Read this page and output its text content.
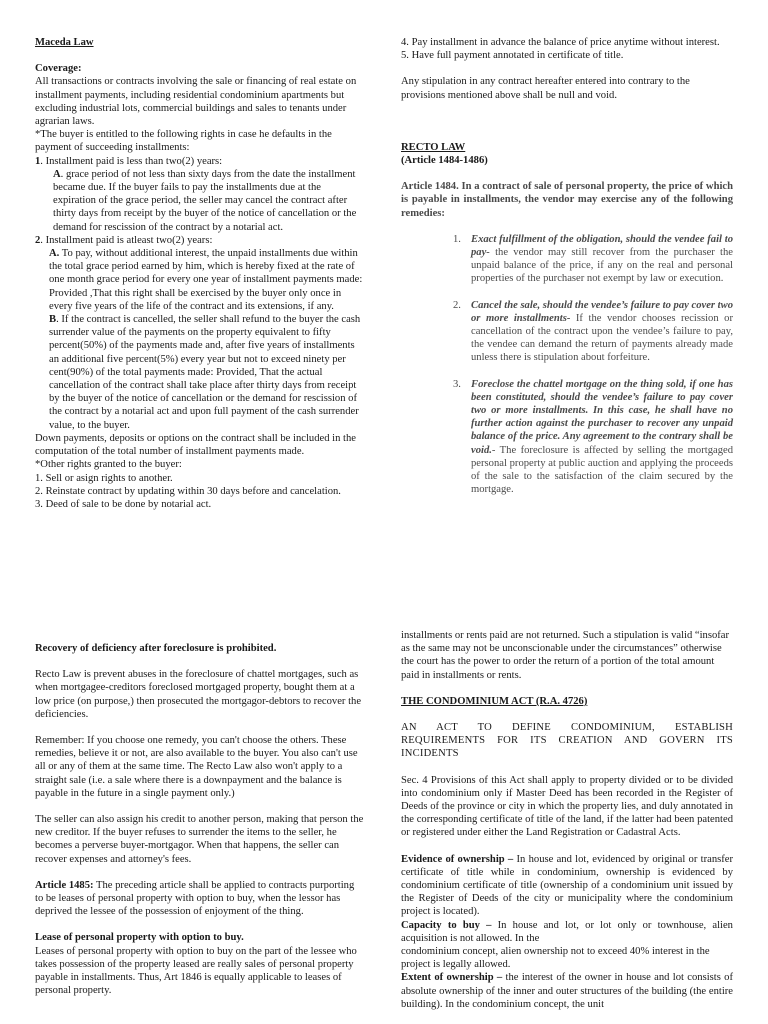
Maceda Law

Coverage:

All transactions or contracts involving the sale or financing of real estate on installment payments, including residential condominium apartments but excluding industrial lots, commercial buildings and sales to tenants under agrarian laws.

*The buyer is entitled to the following rights in case he defaults in the payment of succeeding installments:

1. Installment paid is less than two(2) years:

A. grace period of not less than sixty days from the date the installment became due. If the buyer fails to pay the installments due at the expiration of the grace period, the seller may cancel the contract after thirty days from receipt by the buyer of the notice of cancellation or the demand for rescission of the contract by a notarial act.

2. Installment paid is atleast two(2) years:

A. To pay, without additional interest, the unpaid installments due within the total grace period earned by him, which is hereby fixed at the rate of one month grace period for every one year of installment payments made: Provided ,That this right shall be exercised by the buyer only once in every five years of the life of the contract and its extensions, if any.

B. If the contract is cancelled, the seller shall refund to the buyer the cash surrender value of the payments on the property equivalent to fifty percent(50%) of the payments made and, after five years of installments an additional five percent(5%) every year but not to exceed ninety per cent(90%) of the total payments made: Provided, That the actual cancellation of the contract shall take place after thirty days from receipt by the buyer of the notice of cancellation or the demand for rescission of the contract by a notarial act and upon full payment of the cash surrender value, to the buyer.

Down payments, deposits or options on the contract shall be included in the computation of the total number of installment payments made.

*Other rights granted to the buyer:

1. Sell or asign rights to another.

2. Reinstate contract by updating within 30 days before and cancelation.

3. Deed of sale to be done by notarial act.

4. Pay installment in advance the balance of price anytime without interest.

5. Have full payment annotated in certificate of title.

Any stipulation in any contract hereafter entered into contrary to the provisions mentioned above shall be null and void.

RECTO LAW

(Article 1484-1486)

Article 1484. In a contract of sale of personal property, the price of which is payable in installments, the vendor may exercise any of the following remedies:

1. Exact fulfillment of the obligation, should the vendee fail to pay- the vendor may still recover from the purchaser the unpaid balance of the price, if any on the real and personal properties of the purchaser not exempt by law or execution.
2. Cancel the sale, should the vendee’s failure to pay cover two or more installments- If the vendor chooses recission or cancellation of the contract upon the vendee’s failure to pay, the vendee can demand the return of payments already made unless there is stipulation about forfeiture.
3. Foreclose the chattel mortgage on the thing sold, if one has been constituted, should the vendee’s failure to pay cover two or more installments. In this case, he shall have no further action against the purchaser to recover any unpaid balance of the price. Any agreement to the contrary shall be void.- The foreclosure is affected by selling the mortgaged personal property at public auction and applying the proceeds of the sale to the satisfaction of the claim secured by the mortgage.

Recovery of deficiency after foreclosure is prohibited.

Recto Law is prevent abuses in the foreclosure of chattel mortgages, such as when mortgagee-creditors foreclosed mortgaged property, bought them at a low price (on purpose,) then prosecuted the mortgagor-debtors to recover the deficiencies.

Remember: If you choose one remedy, you can't choose the others. These remedies, believe it or not, are also available to the buyer. You also can't use all or any of them at the same time. The Recto Law also won't apply to a straight sale (i.e. a sale where there is a downpayment and the balance is payable in the future in a single payment only.)

The seller can also assign his credit to another person, making that person the new creditor. If the buyer refuses to surrender the items to the seller, he becomes a perverse buyer-mortgagor. When that happens, the seller can recover expenses and attorney's fees.

Article 1485: The preceding article shall be applied to contracts purporting to be leases of personal property with option to buy, when the lessor has deprived the lessee of the possession of enjoyment of the thing.

Lease of personal property with option to buy.

Leases of personal property with option to buy on the part of the lessee who takes possession of the property leased are really sales of personal property payable in installments. Thus, Art 1846 is equally applicable to leases of personal property.

installments or rents paid are not returned. Such a stipulation is valid “insofar as the same may not be unconscionable under the circumstances” otherwise the court has the power to order the return of a portion of the total amount paid in installments or rents.

THE CONDOMINIUM ACT (R.A. 4726)

AN ACT TO DEFINE CONDOMINIUM, ESTABLISH REQUIREMENTS FOR ITS CREATION AND GOVERN ITS INCIDENTS

Sec. 4 Provisions of this Act shall apply to property divided or to be divided into condominium only if Master Deed has been recorded in the Register of Deeds of the province or city in which the property lies, and duly annotated in the corresponding certificate of title of the land, if the latter had been patented or registered under either the Land Registration or Cadastral Acts.

Evidence of ownership – In house and lot, evidenced by original or transfer certificate of title while in condominium, ownership is evidenced by condominium certificate of title (ownership of a condominium unit issued by the Register of Deeds of the city or municipality where the condominium project is located).

Capacity to buy – In house and lot, or lot only or townhouse, alien acquisition is not allowed. In the

condominium concept, alien ownership not to exceed 40% interest in the project is legally allowed.

Extent of ownership – the interest of the owner in house and lot consists of absolute ownership of the inner and outer structures of the building (the entire building). In the condominium concept, the unit
